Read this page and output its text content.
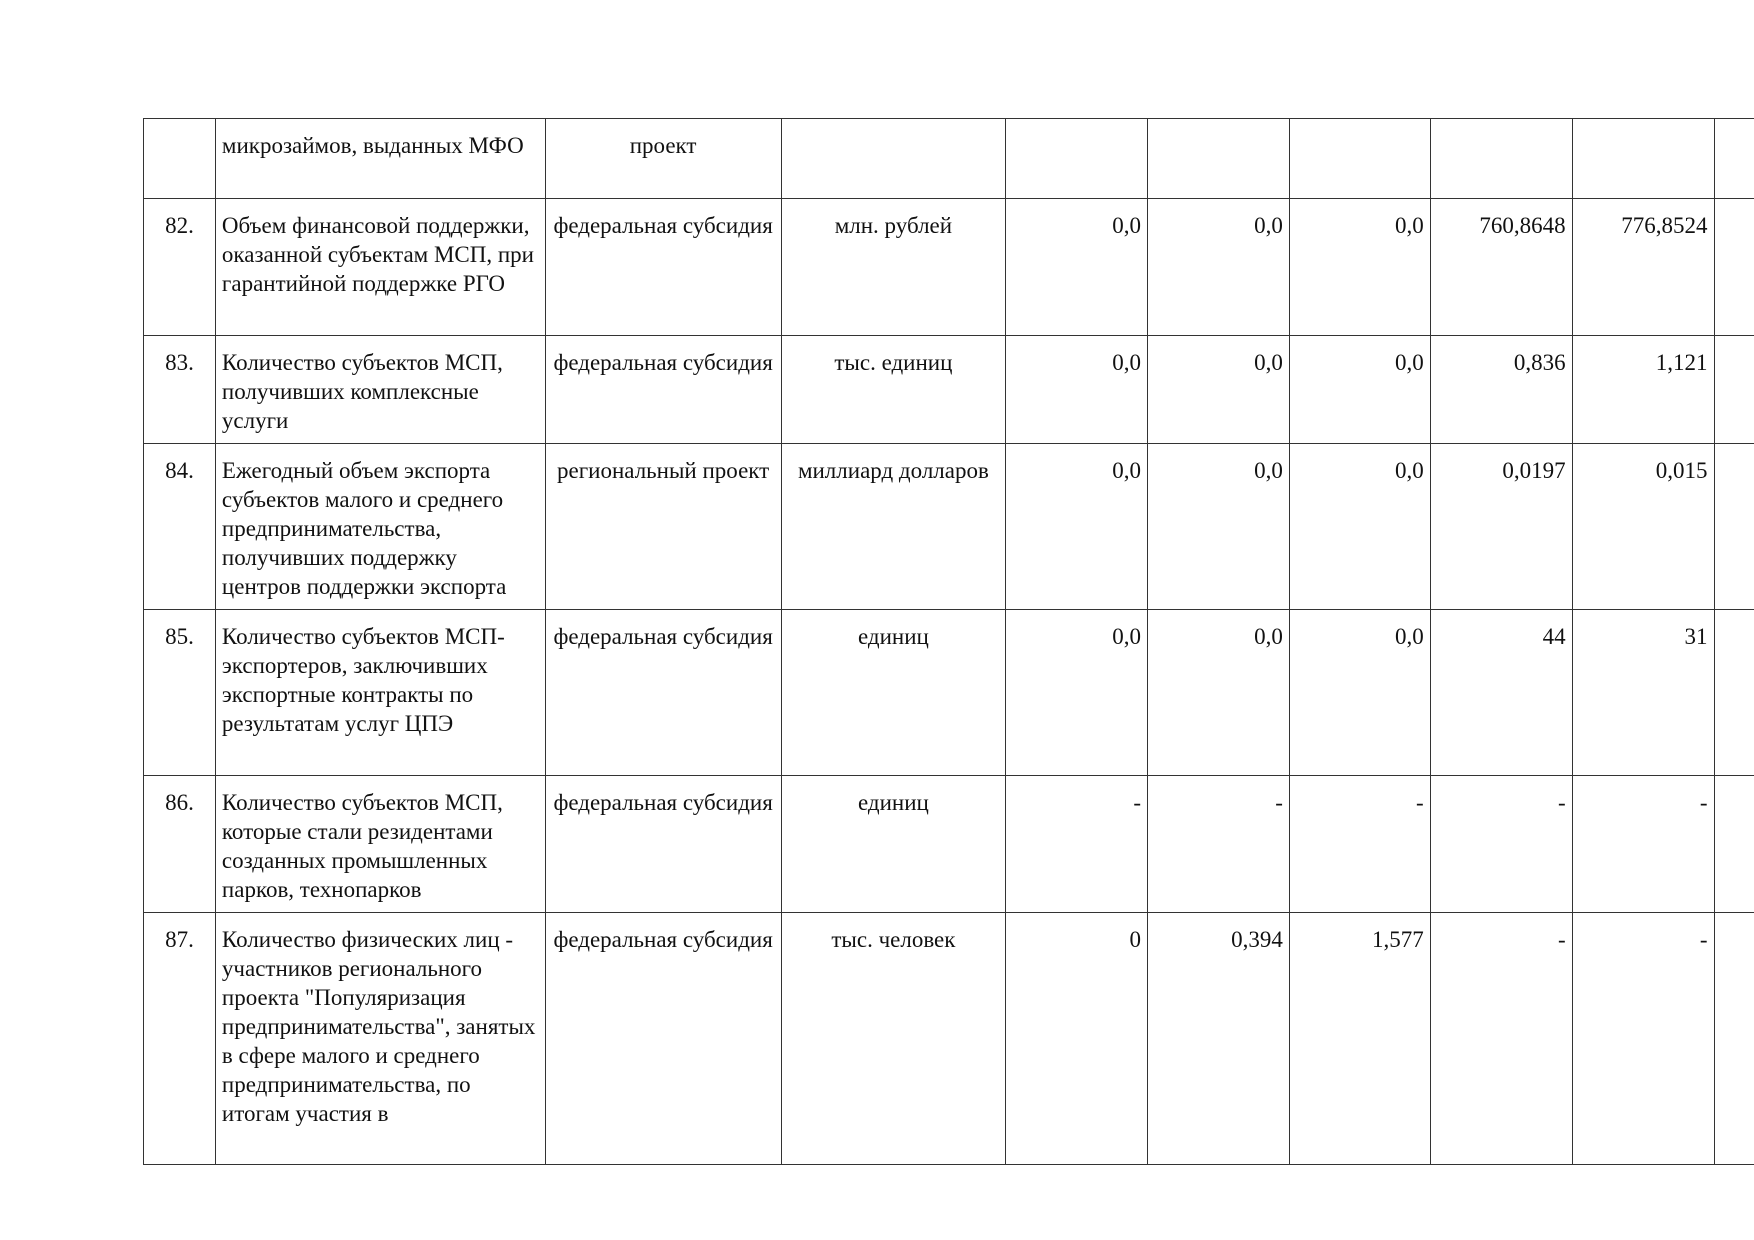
	микрозаймов, выданных МФО	проект							
82.	Объем финансовой поддержки, оказанной субъектам МСП, при гарантийной поддержке РГО	федеральная субсидия	млн. рублей	0,0	0,0	0,0	760,8648	776,8524	
83.	Количество субъектов МСП, получивших комплексные услуги	федеральная субсидия	тыс. единиц	0,0	0,0	0,0	0,836	1,121	
84.	Ежегодный объем экспорта субъектов малого и среднего предпринимательства, получивших поддержку центров поддержки экспорта	региональный проект	миллиард долларов	0,0	0,0	0,0	0,0197	0,015	
85.	Количество субъектов МСП-экспортеров, заключивших экспортные контракты по результатам услуг ЦПЭ	федеральная субсидия	единиц	0,0	0,0	0,0	44	31	
86.	Количество субъектов МСП, которые стали резидентами созданных промышленных парков, технопарков	федеральная субсидия	единиц	-	-	-	-	-	
87.	Количество физических лиц - участников регионального проекта "Популяризация предпринимательства", занятых в сфере малого и среднего предпринимательства, по итогам участия в	федеральная субсидия	тыс. человек	0	0,394	1,577	-	-	
